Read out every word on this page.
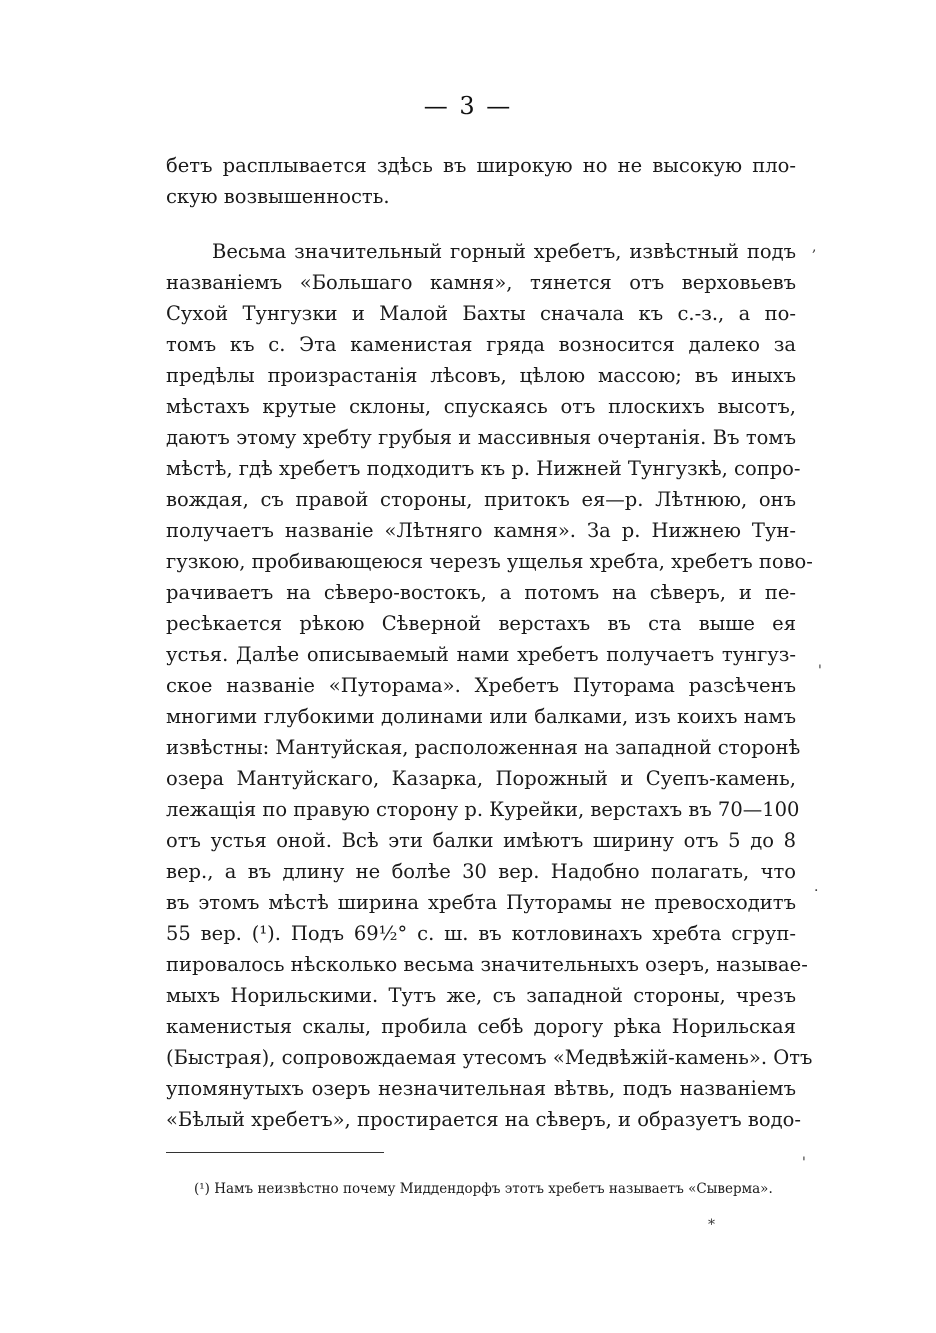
— 3 —
бетъ расплывается здѣсь въ широкую но не высокую пло-
скую возвышенность.
Весьма значительный горный хребетъ, извѣстный подъ
названіемъ «Большаго камня», тянется отъ верховьевъ
Сухой Тунгузки и Малой Бахты сначала къ с.-з., а по-
томъ къ с. Эта каменистая гряда возносится далеко за
предѣлы произрастанія лѣсовъ, цѣлою массою; въ иныхъ
мѣстахъ крутые склоны, спускаясь отъ плоскихъ высотъ,
даютъ этому хребту грубыя и массивныя очертанія. Въ томъ
мѣстѣ, гдѣ хребетъ подходитъ къ р. Нижней Тунгузкѣ, сопро-
вождая, съ правой стороны, притокъ ея—р. Лѣтнюю, онъ
получаетъ названіе «Лѣтняго камня». За р. Нижнею Тун-
гузкою, пробивающеюся черезъ ущелья хребта, хребетъ пово-
рачиваетъ на сѣверо-востокъ, а потомъ на сѣверъ, и пе-
ресѣкается рѣкою Сѣверной верстахъ въ ста выше ея
устья. Далѣе описываемый нами хребетъ получаетъ тунгуз-
ское названіе «Путорама». Хребетъ Путорама разсѣченъ
многими глубокими долинами или балками, изъ коихъ намъ
извѣстны: Мантуйская, расположенная на западной сторонѣ
озера Мантуйскаго, Казарка, Порожный и Суепъ-камень,
лежащія по правую сторону р. Курейки, верстахъ въ 70—100
отъ устья оной. Всѣ эти балки имѣютъ ширину отъ 5 до 8
вер., а въ длину не болѣе 30 вер. Надобно полагать, что
въ этомъ мѣстѣ ширина хребта Путорамы не превосходитъ
55 вер. (¹). Подъ 69½° с. ш. въ котловинахъ хребта сгруп-
пировалось нѣсколько весьма значительныхъ озеръ, называе-
мыхъ Норильскими. Тутъ же, съ западной стороны, чрезъ
каменистыя скалы, пробила себѣ дорогу рѣка Норильская
(Быстрая), сопровождаемая утесомъ «Медвѣжій-камень». Отъ
упомянутыхъ озеръ незначительная вѣтвь, подъ названіемъ
«Бѣлый хребетъ», простирается на сѣверъ, и образуетъ водо-
(¹) Намъ неизвѣстно почему Миддендорфъ этотъ хребетъ называетъ «Сыверма».
,
'
·
'
*
